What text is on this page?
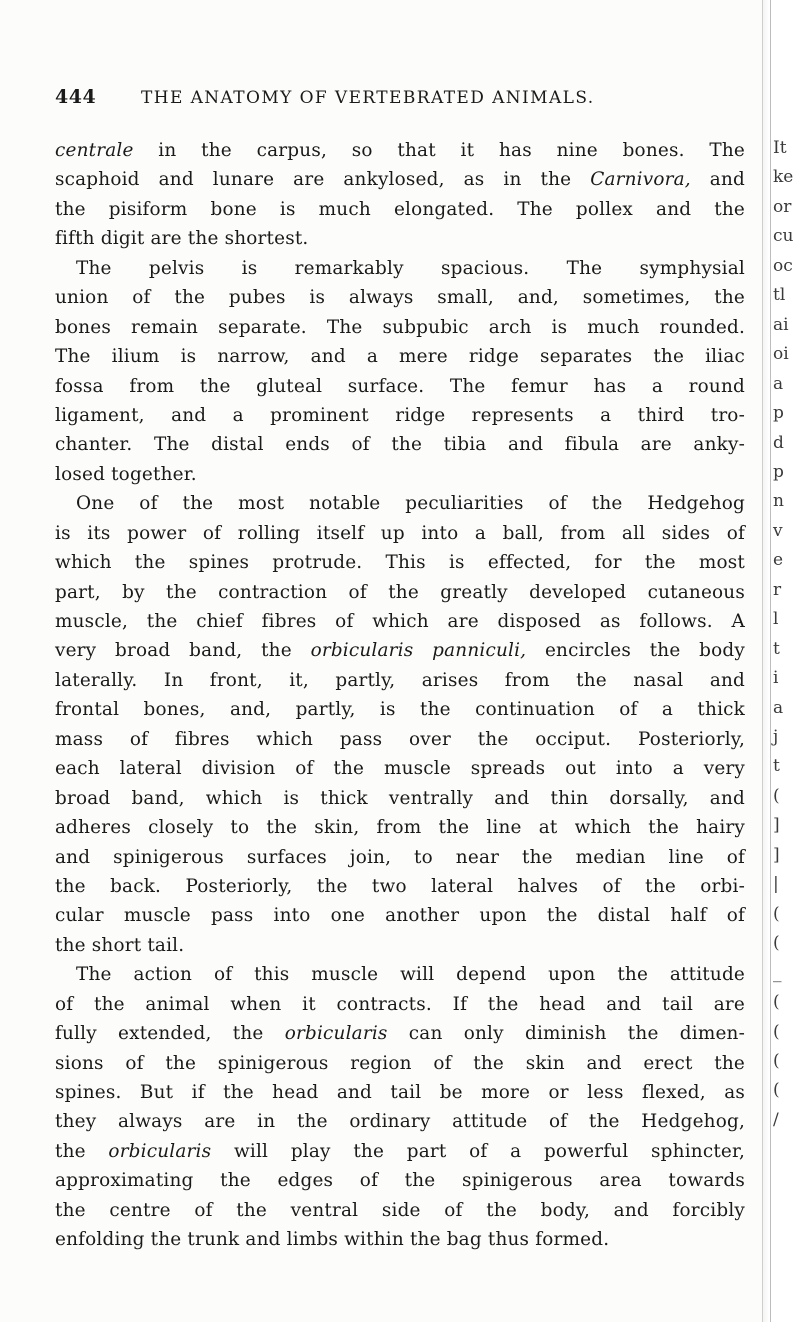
444	THE ANATOMY OF VERTEBRATED ANIMALS.
centrale in the carpus, so that it has nine bones. The
scaphoid and lunare are ankylosed, as in the Carnivora, and
the pisiform bone is much elongated. The pollex and the
fifth digit are the shortest.
The pelvis is remarkably spacious. The symphysial
union of the pubes is always small, and, sometimes, the
bones remain separate. The subpubic arch is much rounded.
The ilium is narrow, and a mere ridge separates the iliac
fossa from the gluteal surface. The femur has a round
ligament, and a prominent ridge represents a third tro-
chanter. The distal ends of the tibia and fibula are anky-
losed together.
One of the most notable peculiarities of the Hedgehog
is its power of rolling itself up into a ball, from all sides of
which the spines protrude. This is effected, for the most
part, by the contraction of the greatly developed cutaneous
muscle, the chief fibres of which are disposed as follows. A
very broad band, the orbicularis panniculi, encircles the body
laterally. In front, it, partly, arises from the nasal and
frontal bones, and, partly, is the continuation of a thick
mass of fibres which pass over the occiput. Posteriorly,
each lateral division of the muscle spreads out into a very
broad band, which is thick ventrally and thin dorsally, and
adheres closely to the skin, from the line at which the hairy
and spinigerous surfaces join, to near the median line of
the back. Posteriorly, the two lateral halves of the orbi-
cular muscle pass into one another upon the distal half of
the short tail.
The action of this muscle will depend upon the attitude
of the animal when it contracts. If the head and tail are
fully extended, the orbicularis can only diminish the dimen-
sions of the spinigerous region of the skin and erect the
spines. But if the head and tail be more or less flexed, as
they always are in the ordinary attitude of the Hedgehog,
the orbicularis will play the part of a powerful sphincter,
approximating the edges of the spinigerous area towards
the centre of the ventral side of the body, and forcibly
enfolding the trunk and limbs within the bag thus formed.
It
ke
or
cu
oc
tl
ai
oi
a
p
d
p
n
v
e
r
l
t
i
a
j
t
(
]
]
|
(
(
_
(
(
(
(
/
